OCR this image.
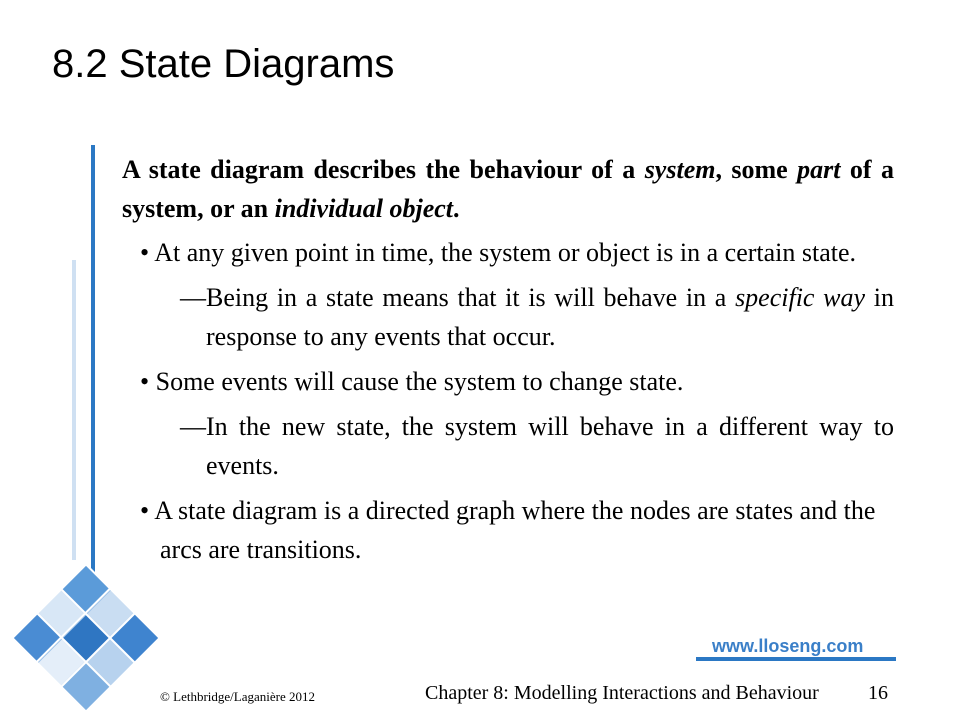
8.2 State Diagrams

A state diagram describes the behaviour of a system, some part of a system, or an individual object.

• At any given point in time, the system or object is in a certain state.

—Being in a state means that it is will behave in a specific way in response to any events that occur.

• Some events will cause the system to change state.

—In the new state, the system will behave in a different way to events.

• A state diagram is a directed graph where the nodes are states and the arcs are transitions.

www.lloseng.com
© Lethbridge/Laganière 2012	Chapter 8: Modelling Interactions and Behaviour 16
